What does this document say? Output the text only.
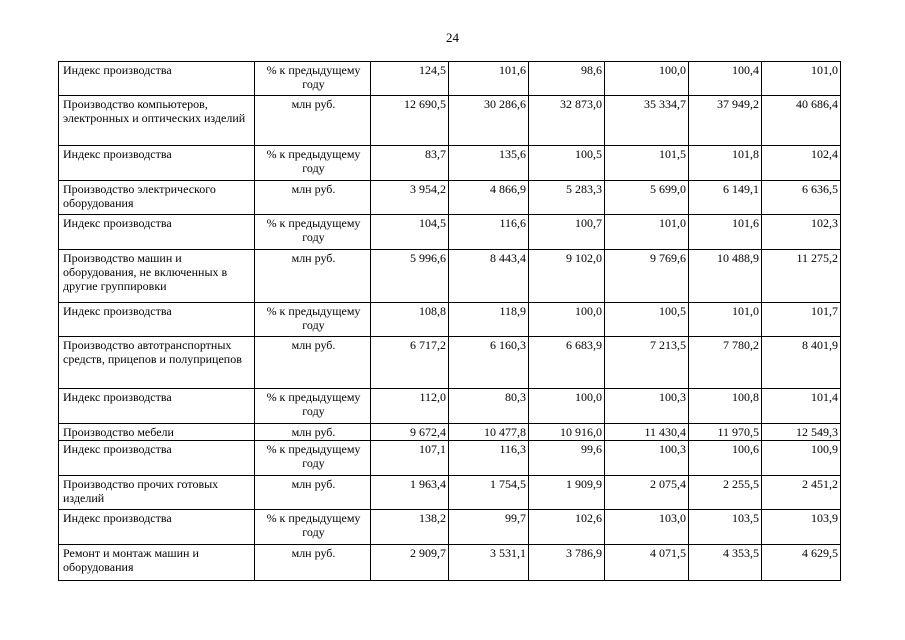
24
Индекс производства	% к предыдущему году	124,5	101,6	98,6	100,0	100,4	101,0
Производство компьютеров, электронных и оптических изделий	млн руб.	12 690,5	30 286,6	32 873,0	35 334,7	37 949,2	40 686,4
Индекс производства	% к предыдущему году	83,7	135,6	100,5	101,5	101,8	102,4
Производство электрического оборудования	млн руб.	3 954,2	4 866,9	5 283,3	5 699,0	6 149,1	6 636,5
Индекс производства	% к предыдущему году	104,5	116,6	100,7	101,0	101,6	102,3
Производство машин и оборудования, не включенных в другие группировки	млн руб.	5 996,6	8 443,4	9 102,0	9 769,6	10 488,9	11 275,2
Индекс производства	% к предыдущему году	108,8	118,9	100,0	100,5	101,0	101,7
Производство автотранспортных средств, прицепов и полуприцепов	млн руб.	6 717,2	6 160,3	6 683,9	7 213,5	7 780,2	8 401,9
Индекс производства	% к предыдущему году	112,0	80,3	100,0	100,3	100,8	101,4
Производство мебели	млн руб.	9 672,4	10 477,8	10 916,0	11 430,4	11 970,5	12 549,3
Индекс производства	% к предыдущему году	107,1	116,3	99,6	100,3	100,6	100,9
Производство прочих готовых изделий	млн руб.	1 963,4	1 754,5	1 909,9	2 075,4	2 255,5	2 451,2
Индекс производства	% к предыдущему году	138,2	99,7	102,6	103,0	103,5	103,9
Ремонт и монтаж машин и оборудования	млн руб.	2 909,7	3 531,1	3 786,9	4 071,5	4 353,5	4 629,5
